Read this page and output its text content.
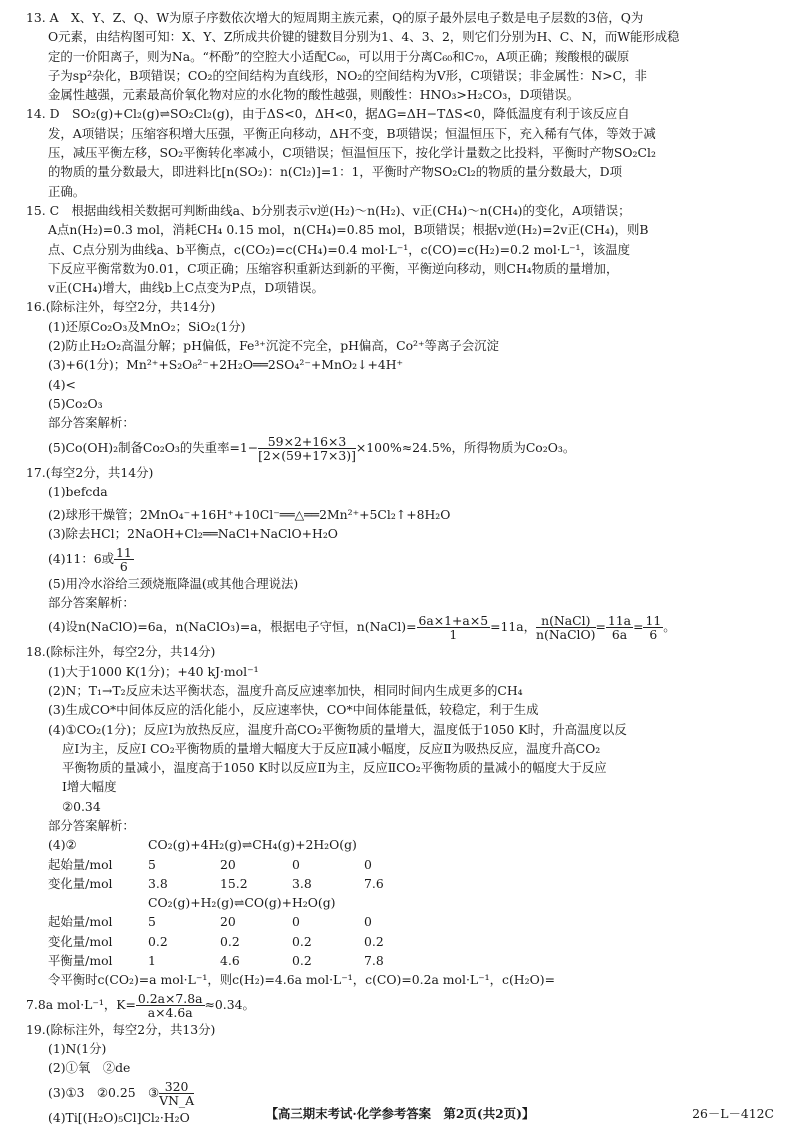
13. A　X、Y、Z、Q、W为原子序数依次增大的短周期主族元素，Q的原子最外层电子数是电子层数的3倍，Q为
O元素，由结构图可知：X、Y、Z所成共价键的键数目分别为1、4、3、2，则它们分别为H、C、N，而W能形成稳
定的一价阳离子，则为Na。“杯酚”的空腔大小适配C₆₀，可以用于分离C₆₀和C₇₀，A项正确；羧酸根的碳原
子为sp²杂化，B项错误；CO₂的空间结构为直线形，NO₂的空间结构为V形，C项错误；非金属性：N>C，非
金属性越强，元素最高价氧化物对应的水化物的酸性越强，则酸性：HNO₃>H₂CO₃，D项错误。
14. D　SO₂(g)+Cl₂(g)⇌SO₂Cl₂(g)，由于ΔS<0，ΔH<0，据ΔG=ΔH−TΔS<0，降低温度有利于该反应自
发，A项错误；压缩容积增大压强，平衡正向移动，ΔH不变，B项错误；恒温恒压下，充入稀有气体，等效于减
压，减压平衡左移，SO₂平衡转化率减小，C项错误；恒温恒压下，按化学计量数之比投料，平衡时产物SO₂Cl₂
的物质的量分数最大，即进料比[n(SO₂)：n(Cl₂)]=1：1，平衡时产物SO₂Cl₂的物质的量分数最大，D项
正确。
15. C　根据曲线相关数据可判断曲线a、b分别表示v逆(H₂)～n(H₂)、v正(CH₄)～n(CH₄)的变化，A项错误；
A点n(H₂)=0.3 mol，消耗CH₄ 0.15 mol，n(CH₄)=0.85 mol，B项错误；根据v逆(H₂)=2v正(CH₄)，则B
点、C点分别为曲线a、b平衡点，c(CO₂)=c(CH₄)=0.4 mol·L⁻¹，c(CO)=c(H₂)=0.2 mol·L⁻¹，该温度
下反应平衡常数为0.01，C项正确；压缩容积重新达到新的平衡，平衡逆向移动，则CH₄物质的量增加，
v正(CH₄)增大，曲线b上C点变为P点，D项错误。
16.(除标注外，每空2分，共14分)
(1)还原Co₂O₃及MnO₂；SiO₂(1分)
(2)防止H₂O₂高温分解；pH偏低，Fe³⁺沉淀不完全，pH偏高，Co²⁺等离子会沉淀
(3)+6(1分)；Mn²⁺+S₂O₈²⁻+2H₂O══2SO₄²⁻+MnO₂↓+4H⁺
(4)<
(5)Co₂O₃
部分答案解析：
(5)Co(OH)₂制备Co₂O₃的失重率$=1- \frac{59\times 2+16\times 3}{[2\times(59+17\times 3)]} \times 100\%\approx 24.5\%$，所得物质为Co₂O₃。
17.(每空2分，共14分)
(1)befcda
(2)球形干燥管；2MnO₄⁻+16H⁺+10Cl⁻══△══2Mn²⁺+5Cl₂↑+8H₂O
(3)除去HCl；2NaOH+Cl₂══NaCl+NaClO+H₂O
(4)11：6或 $\frac{11}{6}$
(5)用冷水浴给三颈烧瓶降温(或其他合理说法)
部分答案解析：
(4)设n(NaClO)=6a，n(NaClO₃)=a，根据电子守恒，n(NaCl)= $\frac{6a\times 1+a\times 5}{1} =11a$， $\frac{\text{n(NaCl)}}{\text{n(NaClO)}} = \frac{11a}{6a} = \frac{11}{6}$ 。
18.(除标注外，每空2分，共14分)
(1)大于1000 K(1分)；+40 kJ·mol⁻¹
(2)N；T₁→T₂反应未达平衡状态，温度升高反应速率加快，相同时间内生成更多的CH₄
(3)生成CO*中间体反应的活化能小，反应速率快，CO*中间体能量低，较稳定，利于生成
(4)①CO₂(1分)；反应Ⅰ为放热反应，温度升高CO₂平衡物质的量增大，温度低于1050 K时，升高温度以反
应Ⅰ为主，反应Ⅰ CO₂平衡物质的量增大幅度大于反应Ⅱ减小幅度，反应Ⅱ为吸热反应，温度升高CO₂
平衡物质的量减小，温度高于1050 K时以反应Ⅱ为主，反应ⅡCO₂平衡物质的量减小的幅度大于反应
Ⅰ增大幅度
②0.34
部分答案解析：
(4)②	CO₂(g)+4H₂(g)⇌CH₄(g)+2H₂O(g)			
起始量/mol	5	20	0	0
变化量/mol	3.8	15.2	3.8	7.6
	CO₂(g)+H₂(g)⇌CO(g)+H₂O(g)			
起始量/mol	5	20	0	0
变化量/mol	0.2	0.2	0.2	0.2
平衡量/mol	1	4.6	0.2	7.8
令平衡时c(CO₂)=a mol·L⁻¹，则c(H₂)=4.6a mol·L⁻¹，c(CO)=0.2a mol·L⁻¹，c(H₂O)=
7.8a mol·L⁻¹，$K= \frac{0.2a\times 7.8a}{a\times 4.6a} \approx 0.34$。
19.(除标注外，每空2分，共13分)
(1)N(1分)
(2)①氧　②de
(3)①3　②0.25　③ $\frac{320}{VN\_A}$
(4)Ti[(H₂O)₅Cl]Cl₂·H₂O	【高三期末考试·化学参考答案　第2页(共2页)】	26－L－412C
